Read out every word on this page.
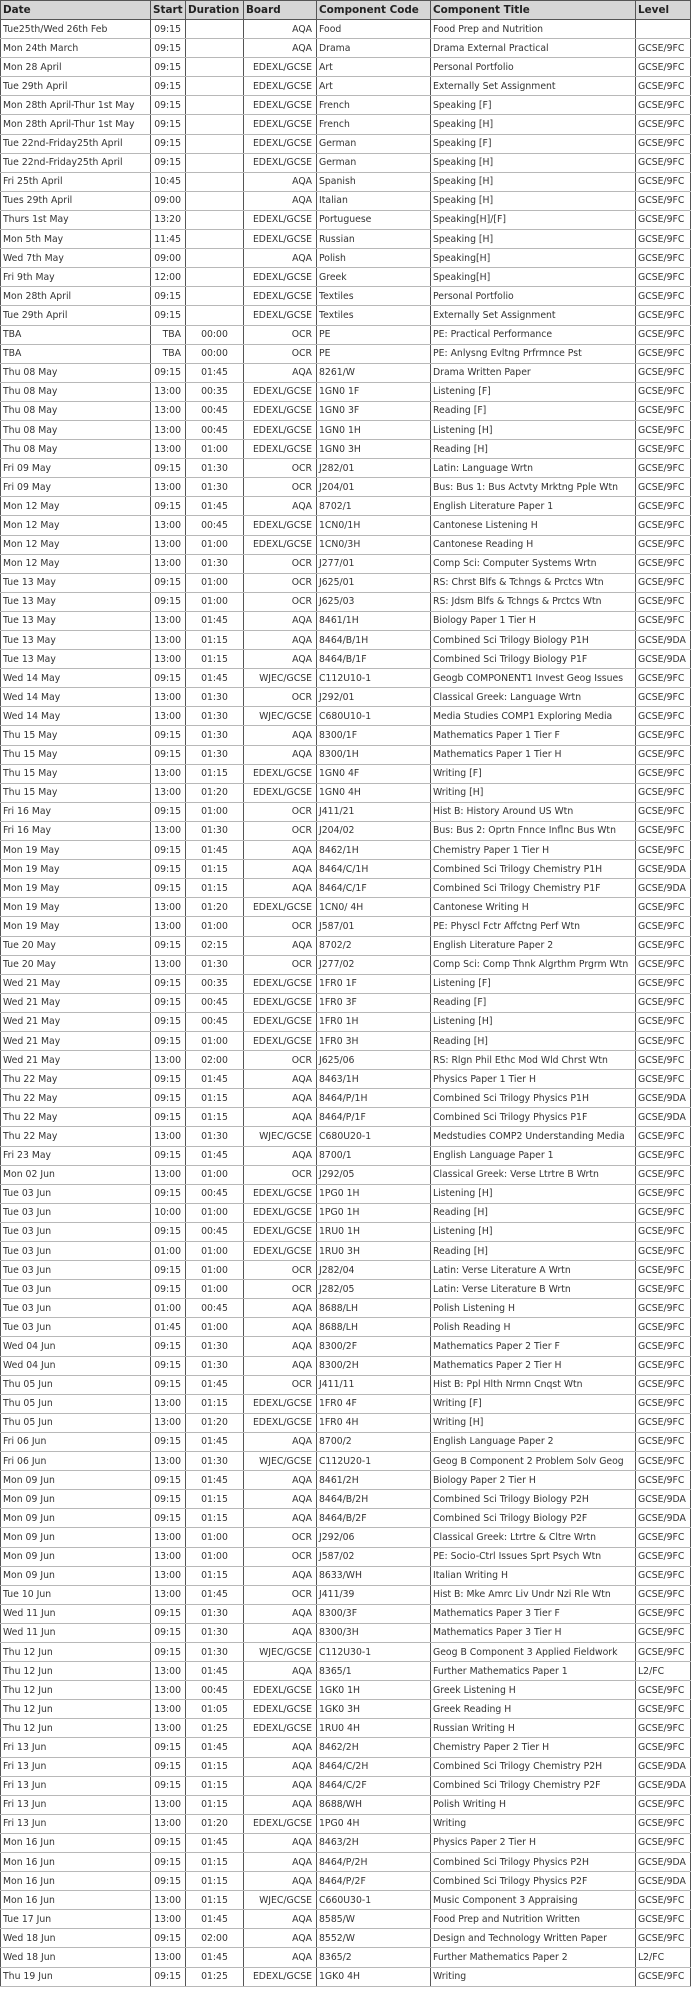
Date	Start	Duration	Board	Component Code	Component Title	Level
Tue25th/Wed 26th Feb	09:15		AQA	Food	Food Prep and Nutrition	
Mon 24th March	09:15		AQA	Drama	Drama External Practical	GCSE/9FC
Mon 28 April	09:15		EDEXL/GCSE	Art	Personal Portfolio	GCSE/9FC
Tue 29th April	09:15		EDEXL/GCSE	Art	Externally Set Assignment	GCSE/9FC
Mon 28th April-Thur 1st May	09:15		EDEXL/GCSE	French	Speaking [F]	GCSE/9FC
Mon 28th April-Thur 1st May	09:15		EDEXL/GCSE	French	Speaking [H]	GCSE/9FC
Tue 22nd-Friday25th April	09:15		EDEXL/GCSE	German	Speaking [F]	GCSE/9FC
Tue 22nd-Friday25th April	09:15		EDEXL/GCSE	German	Speaking [H]	GCSE/9FC
Fri 25th April	10:45		AQA	Spanish	Speaking [H]	GCSE/9FC
Tues 29th April	09:00		AQA	Italian	Speaking [H]	GCSE/9FC
Thurs 1st May	13:20		EDEXL/GCSE	Portuguese	Speaking[H]/[F]	GCSE/9FC
Mon 5th May	11:45		EDEXL/GCSE	Russian	Speaking [H]	GCSE/9FC
Wed 7th May	09:00		AQA	Polish	Speaking[H]	GCSE/9FC
Fri 9th May	12:00		EDEXL/GCSE	Greek	Speaking[H]	GCSE/9FC
Mon 28th April	09:15		EDEXL/GCSE	Textiles	Personal Portfolio	GCSE/9FC
Tue 29th April	09:15		EDEXL/GCSE	Textiles	Externally Set Assignment	GCSE/9FC
TBA	TBA	00:00	OCR	PE	PE: Practical Performance	GCSE/9FC
TBA	TBA	00:00	OCR	PE	PE: Anlysng Evltng Prfrmnce Pst	GCSE/9FC
Thu 08 May	09:15	01:45	AQA	8261/W	Drama Written Paper	GCSE/9FC
Thu 08 May	13:00	00:35	EDEXL/GCSE	1GN0 1F	Listening [F]	GCSE/9FC
Thu 08 May	13:00	00:45	EDEXL/GCSE	1GN0 3F	Reading [F]	GCSE/9FC
Thu 08 May	13:00	00:45	EDEXL/GCSE	1GN0 1H	Listening [H]	GCSE/9FC
Thu 08 May	13:00	01:00	EDEXL/GCSE	1GN0 3H	Reading [H]	GCSE/9FC
Fri 09 May	09:15	01:30	OCR	J282/01	Latin: Language Wrtn	GCSE/9FC
Fri 09 May	13:00	01:30	OCR	J204/01	Bus: Bus 1: Bus Actvty Mrktng Pple Wtn	GCSE/9FC
Mon 12 May	09:15	01:45	AQA	8702/1	English Literature Paper 1	GCSE/9FC
Mon 12 May	13:00	00:45	EDEXL/GCSE	1CN0/1H	Cantonese Listening H	GCSE/9FC
Mon 12 May	13:00	01:00	EDEXL/GCSE	1CN0/3H	Cantonese Reading H	GCSE/9FC
Mon 12 May	13:00	01:30	OCR	J277/01	Comp Sci: Computer Systems Wrtn	GCSE/9FC
Tue 13 May	09:15	01:00	OCR	J625/01	RS: Chrst Blfs & Tchngs & Prctcs Wtn	GCSE/9FC
Tue 13 May	09:15	01:00	OCR	J625/03	RS: Jdsm Blfs & Tchngs & Prctcs Wtn	GCSE/9FC
Tue 13 May	13:00	01:45	AQA	8461/1H	Biology Paper 1 Tier H	GCSE/9FC
Tue 13 May	13:00	01:15	AQA	8464/B/1H	Combined Sci Trilogy Biology P1H	GCSE/9DA
Tue 13 May	13:00	01:15	AQA	8464/B/1F	Combined Sci Trilogy Biology P1F	GCSE/9DA
Wed 14 May	09:15	01:45	WJEC/GCSE	C112U10-1	Geogb COMPONENT1 Invest Geog Issues	GCSE/9FC
Wed 14 May	13:00	01:30	OCR	J292/01	Classical Greek: Language Wrtn	GCSE/9FC
Wed 14 May	13:00	01:30	WJEC/GCSE	C680U10-1	Media Studies COMP1 Exploring Media	GCSE/9FC
Thu 15 May	09:15	01:30	AQA	8300/1F	Mathematics Paper 1 Tier F	GCSE/9FC
Thu 15 May	09:15	01:30	AQA	8300/1H	Mathematics Paper 1 Tier H	GCSE/9FC
Thu 15 May	13:00	01:15	EDEXL/GCSE	1GN0 4F	Writing [F]	GCSE/9FC
Thu 15 May	13:00	01:20	EDEXL/GCSE	1GN0 4H	Writing [H]	GCSE/9FC
Fri 16 May	09:15	01:00	OCR	J411/21	Hist B: History Around US Wtn	GCSE/9FC
Fri 16 May	13:00	01:30	OCR	J204/02	Bus: Bus 2: Oprtn Fnnce Inflnc Bus Wtn	GCSE/9FC
Mon 19 May	09:15	01:45	AQA	8462/1H	Chemistry Paper 1 Tier H	GCSE/9FC
Mon 19 May	09:15	01:15	AQA	8464/C/1H	Combined Sci Trilogy Chemistry P1H	GCSE/9DA
Mon 19 May	09:15	01:15	AQA	8464/C/1F	Combined Sci Trilogy Chemistry P1F	GCSE/9DA
Mon 19 May	13:00	01:20	EDEXL/GCSE	1CN0/ 4H	Cantonese Writing H	GCSE/9FC
Mon 19 May	13:00	01:00	OCR	J587/01	PE: Physcl Fctr Affctng Perf Wtn	GCSE/9FC
Tue 20 May	09:15	02:15	AQA	8702/2	English Literature Paper 2	GCSE/9FC
Tue 20 May	13:00	01:30	OCR	J277/02	Comp Sci: Comp Thnk Algrthm Prgrm Wtn	GCSE/9FC
Wed 21 May	09:15	00:35	EDEXL/GCSE	1FR0 1F	Listening [F]	GCSE/9FC
Wed 21 May	09:15	00:45	EDEXL/GCSE	1FR0 3F	Reading [F]	GCSE/9FC
Wed 21 May	09:15	00:45	EDEXL/GCSE	1FR0 1H	Listening [H]	GCSE/9FC
Wed 21 May	09:15	01:00	EDEXL/GCSE	1FR0 3H	Reading [H]	GCSE/9FC
Wed 21 May	13:00	02:00	OCR	J625/06	RS: Rlgn Phil Ethc Mod Wld Chrst Wtn	GCSE/9FC
Thu 22 May	09:15	01:45	AQA	8463/1H	Physics Paper 1 Tier H	GCSE/9FC
Thu 22 May	09:15	01:15	AQA	8464/P/1H	Combined Sci Trilogy Physics P1H	GCSE/9DA
Thu 22 May	09:15	01:15	AQA	8464/P/1F	Combined Sci Trilogy Physics P1F	GCSE/9DA
Thu 22 May	13:00	01:30	WJEC/GCSE	C680U20-1	Medstudies COMP2 Understanding Media	GCSE/9FC
Fri 23 May	09:15	01:45	AQA	8700/1	English Language Paper 1	GCSE/9FC
Mon 02 Jun	13:00	01:00	OCR	J292/05	Classical Greek: Verse Ltrtre B Wrtn	GCSE/9FC
Tue 03 Jun	09:15	00:45	EDEXL/GCSE	1PG0 1H	Listening [H]	GCSE/9FC
Tue 03 Jun	10:00	01:00	EDEXL/GCSE	1PG0 1H	Reading [H]	GCSE/9FC
Tue 03 Jun	09:15	00:45	EDEXL/GCSE	1RU0 1H	Listening [H]	GCSE/9FC
Tue 03 Jun	01:00	01:00	EDEXL/GCSE	1RU0 3H	Reading [H]	GCSE/9FC
Tue 03 Jun	09:15	01:00	OCR	J282/04	Latin: Verse Literature A Wrtn	GCSE/9FC
Tue 03 Jun	09:15	01:00	OCR	J282/05	Latin: Verse Literature B Wrtn	GCSE/9FC
Tue 03 Jun	01:00	00:45	AQA	8688/LH	Polish Listening H	GCSE/9FC
Tue 03 Jun	01:45	01:00	AQA	8688/LH	Polish Reading H	GCSE/9FC
Wed 04 Jun	09:15	01:30	AQA	8300/2F	Mathematics Paper 2 Tier F	GCSE/9FC
Wed 04 Jun	09:15	01:30	AQA	8300/2H	Mathematics Paper 2 Tier H	GCSE/9FC
Thu 05 Jun	09:15	01:45	OCR	J411/11	Hist B: Ppl Hlth Nrmn Cnqst Wtn	GCSE/9FC
Thu 05 Jun	13:00	01:15	EDEXL/GCSE	1FR0 4F	Writing [F]	GCSE/9FC
Thu 05 Jun	13:00	01:20	EDEXL/GCSE	1FR0 4H	Writing [H]	GCSE/9FC
Fri 06 Jun	09:15	01:45	AQA	8700/2	English Language Paper 2	GCSE/9FC
Fri 06 Jun	13:00	01:30	WJEC/GCSE	C112U20-1	Geog B Component 2 Problem Solv Geog	GCSE/9FC
Mon 09 Jun	09:15	01:45	AQA	8461/2H	Biology Paper 2 Tier H	GCSE/9FC
Mon 09 Jun	09:15	01:15	AQA	8464/B/2H	Combined Sci Trilogy Biology P2H	GCSE/9DA
Mon 09 Jun	09:15	01:15	AQA	8464/B/2F	Combined Sci Trilogy Biology P2F	GCSE/9DA
Mon 09 Jun	13:00	01:00	OCR	J292/06	Classical Greek: Ltrtre & Cltre Wrtn	GCSE/9FC
Mon 09 Jun	13:00	01:00	OCR	J587/02	PE: Socio-Ctrl Issues Sprt Psych Wtn	GCSE/9FC
Mon 09 Jun	13:00	01:15	AQA	8633/WH	Italian Writing H	GCSE/9FC
Tue 10 Jun	13:00	01:45	OCR	J411/39	Hist B: Mke Amrc Liv Undr Nzi Rle Wtn	GCSE/9FC
Wed 11 Jun	09:15	01:30	AQA	8300/3F	Mathematics Paper 3 Tier F	GCSE/9FC
Wed 11 Jun	09:15	01:30	AQA	8300/3H	Mathematics Paper 3 Tier H	GCSE/9FC
Thu 12 Jun	09:15	01:30	WJEC/GCSE	C112U30-1	Geog B Component 3 Applied Fieldwork	GCSE/9FC
Thu 12 Jun	13:00	01:45	AQA	8365/1	Further Mathematics Paper 1	L2/FC
Thu 12 Jun	13:00	00:45	EDEXL/GCSE	1GK0 1H	Greek Listening H	GCSE/9FC
Thu 12 Jun	13:00	01:05	EDEXL/GCSE	1GK0 3H	Greek Reading H	GCSE/9FC
Thu 12 Jun	13:00	01:25	EDEXL/GCSE	1RU0 4H	Russian Writing H	GCSE/9FC
Fri 13 Jun	09:15	01:45	AQA	8462/2H	Chemistry Paper 2 Tier H	GCSE/9FC
Fri 13 Jun	09:15	01:15	AQA	8464/C/2H	Combined Sci Trilogy Chemistry P2H	GCSE/9DA
Fri 13 Jun	09:15	01:15	AQA	8464/C/2F	Combined Sci Trilogy Chemistry P2F	GCSE/9DA
Fri 13 Jun	13:00	01:15	AQA	8688/WH	Polish Writing H	GCSE/9FC
Fri 13 Jun	13:00	01:20	EDEXL/GCSE	1PG0 4H	Writing	GCSE/9FC
Mon 16 Jun	09:15	01:45	AQA	8463/2H	Physics Paper 2 Tier H	GCSE/9FC
Mon 16 Jun	09:15	01:15	AQA	8464/P/2H	Combined Sci Trilogy Physics P2H	GCSE/9DA
Mon 16 Jun	09:15	01:15	AQA	8464/P/2F	Combined Sci Trilogy Physics P2F	GCSE/9DA
Mon 16 Jun	13:00	01:15	WJEC/GCSE	C660U30-1	Music Component 3 Appraising	GCSE/9FC
Tue 17 Jun	13:00	01:45	AQA	8585/W	Food Prep and Nutrition Written	GCSE/9FC
Wed 18 Jun	09:15	02:00	AQA	8552/W	Design and Technology Written Paper	GCSE/9FC
Wed 18 Jun	13:00	01:45	AQA	8365/2	Further Mathematics Paper 2	L2/FC
Thu 19 Jun	09:15	01:25	EDEXL/GCSE	1GK0 4H	Writing	GCSE/9FC
